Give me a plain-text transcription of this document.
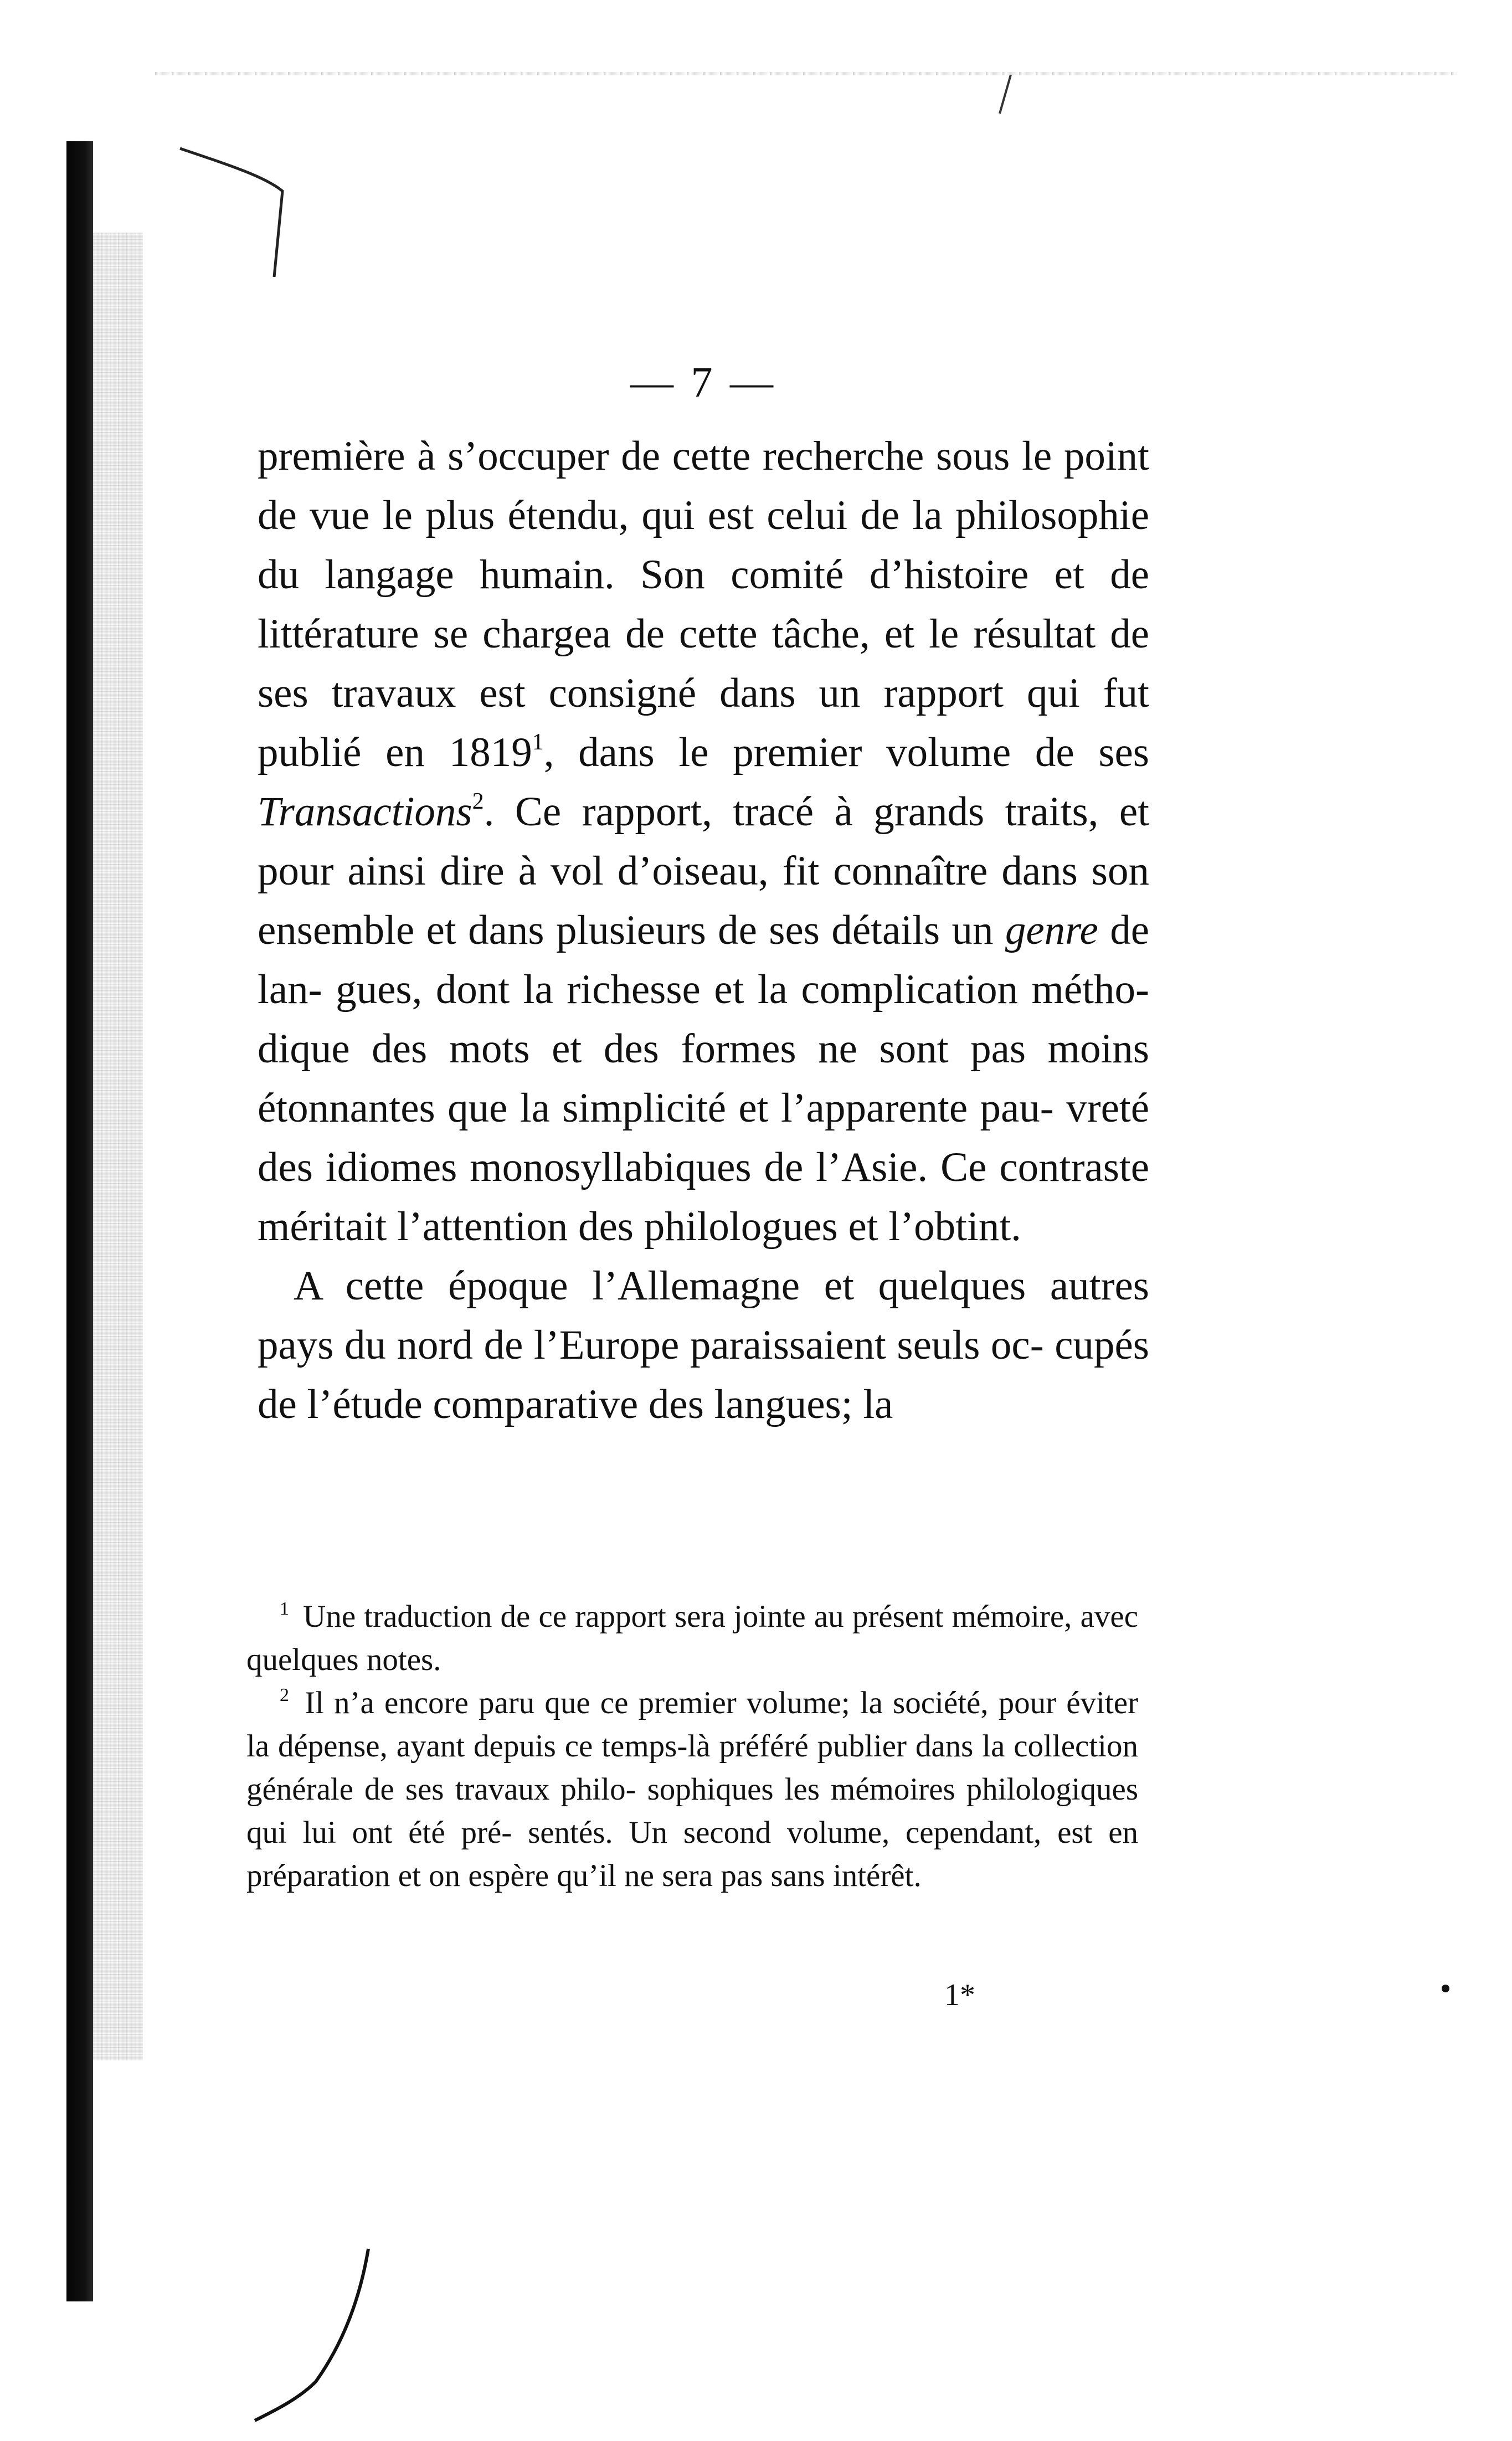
— 7 —

première à s’occuper de cette recherche sous le point de vue le plus étendu, qui est celui de la philosophie du langage humain. Son comité d’histoire et de littérature se chargea de cette tâche, et le résultat de ses travaux est consigné dans un rapport qui fut publié en 1819$^1$, dans le premier volume de ses Transactions$^2$. Ce rapport, tracé à grands traits, et pour ainsi dire à vol d’oiseau, fit connaître dans son ensemble et dans plusieurs de ses détails un genre de lan- gues, dont la richesse et la complication métho- dique des mots et des formes ne sont pas moins étonnantes que la simplicité et l’apparente pau- vreté des idiomes monosyllabiques de l’Asie. Ce contraste méritait l’attention des philologues et l’obtint.

A cette époque l’Allemagne et quelques autres pays du nord de l’Europe paraissaient seuls oc- cupés de l’étude comparative des langues; la

$^1$ Une traduction de ce rapport sera jointe au présent mémoire, avec quelques notes.

$^2$ Il n’a encore paru que ce premier volume; la société, pour éviter la dépense, ayant depuis ce temps-là préféré publier dans la collection générale de ses travaux philo- sophiques les mémoires philologiques qui lui ont été pré- sentés. Un second volume, cependant, est en préparation et on espère qu’il ne sera pas sans intérêt.

1*
